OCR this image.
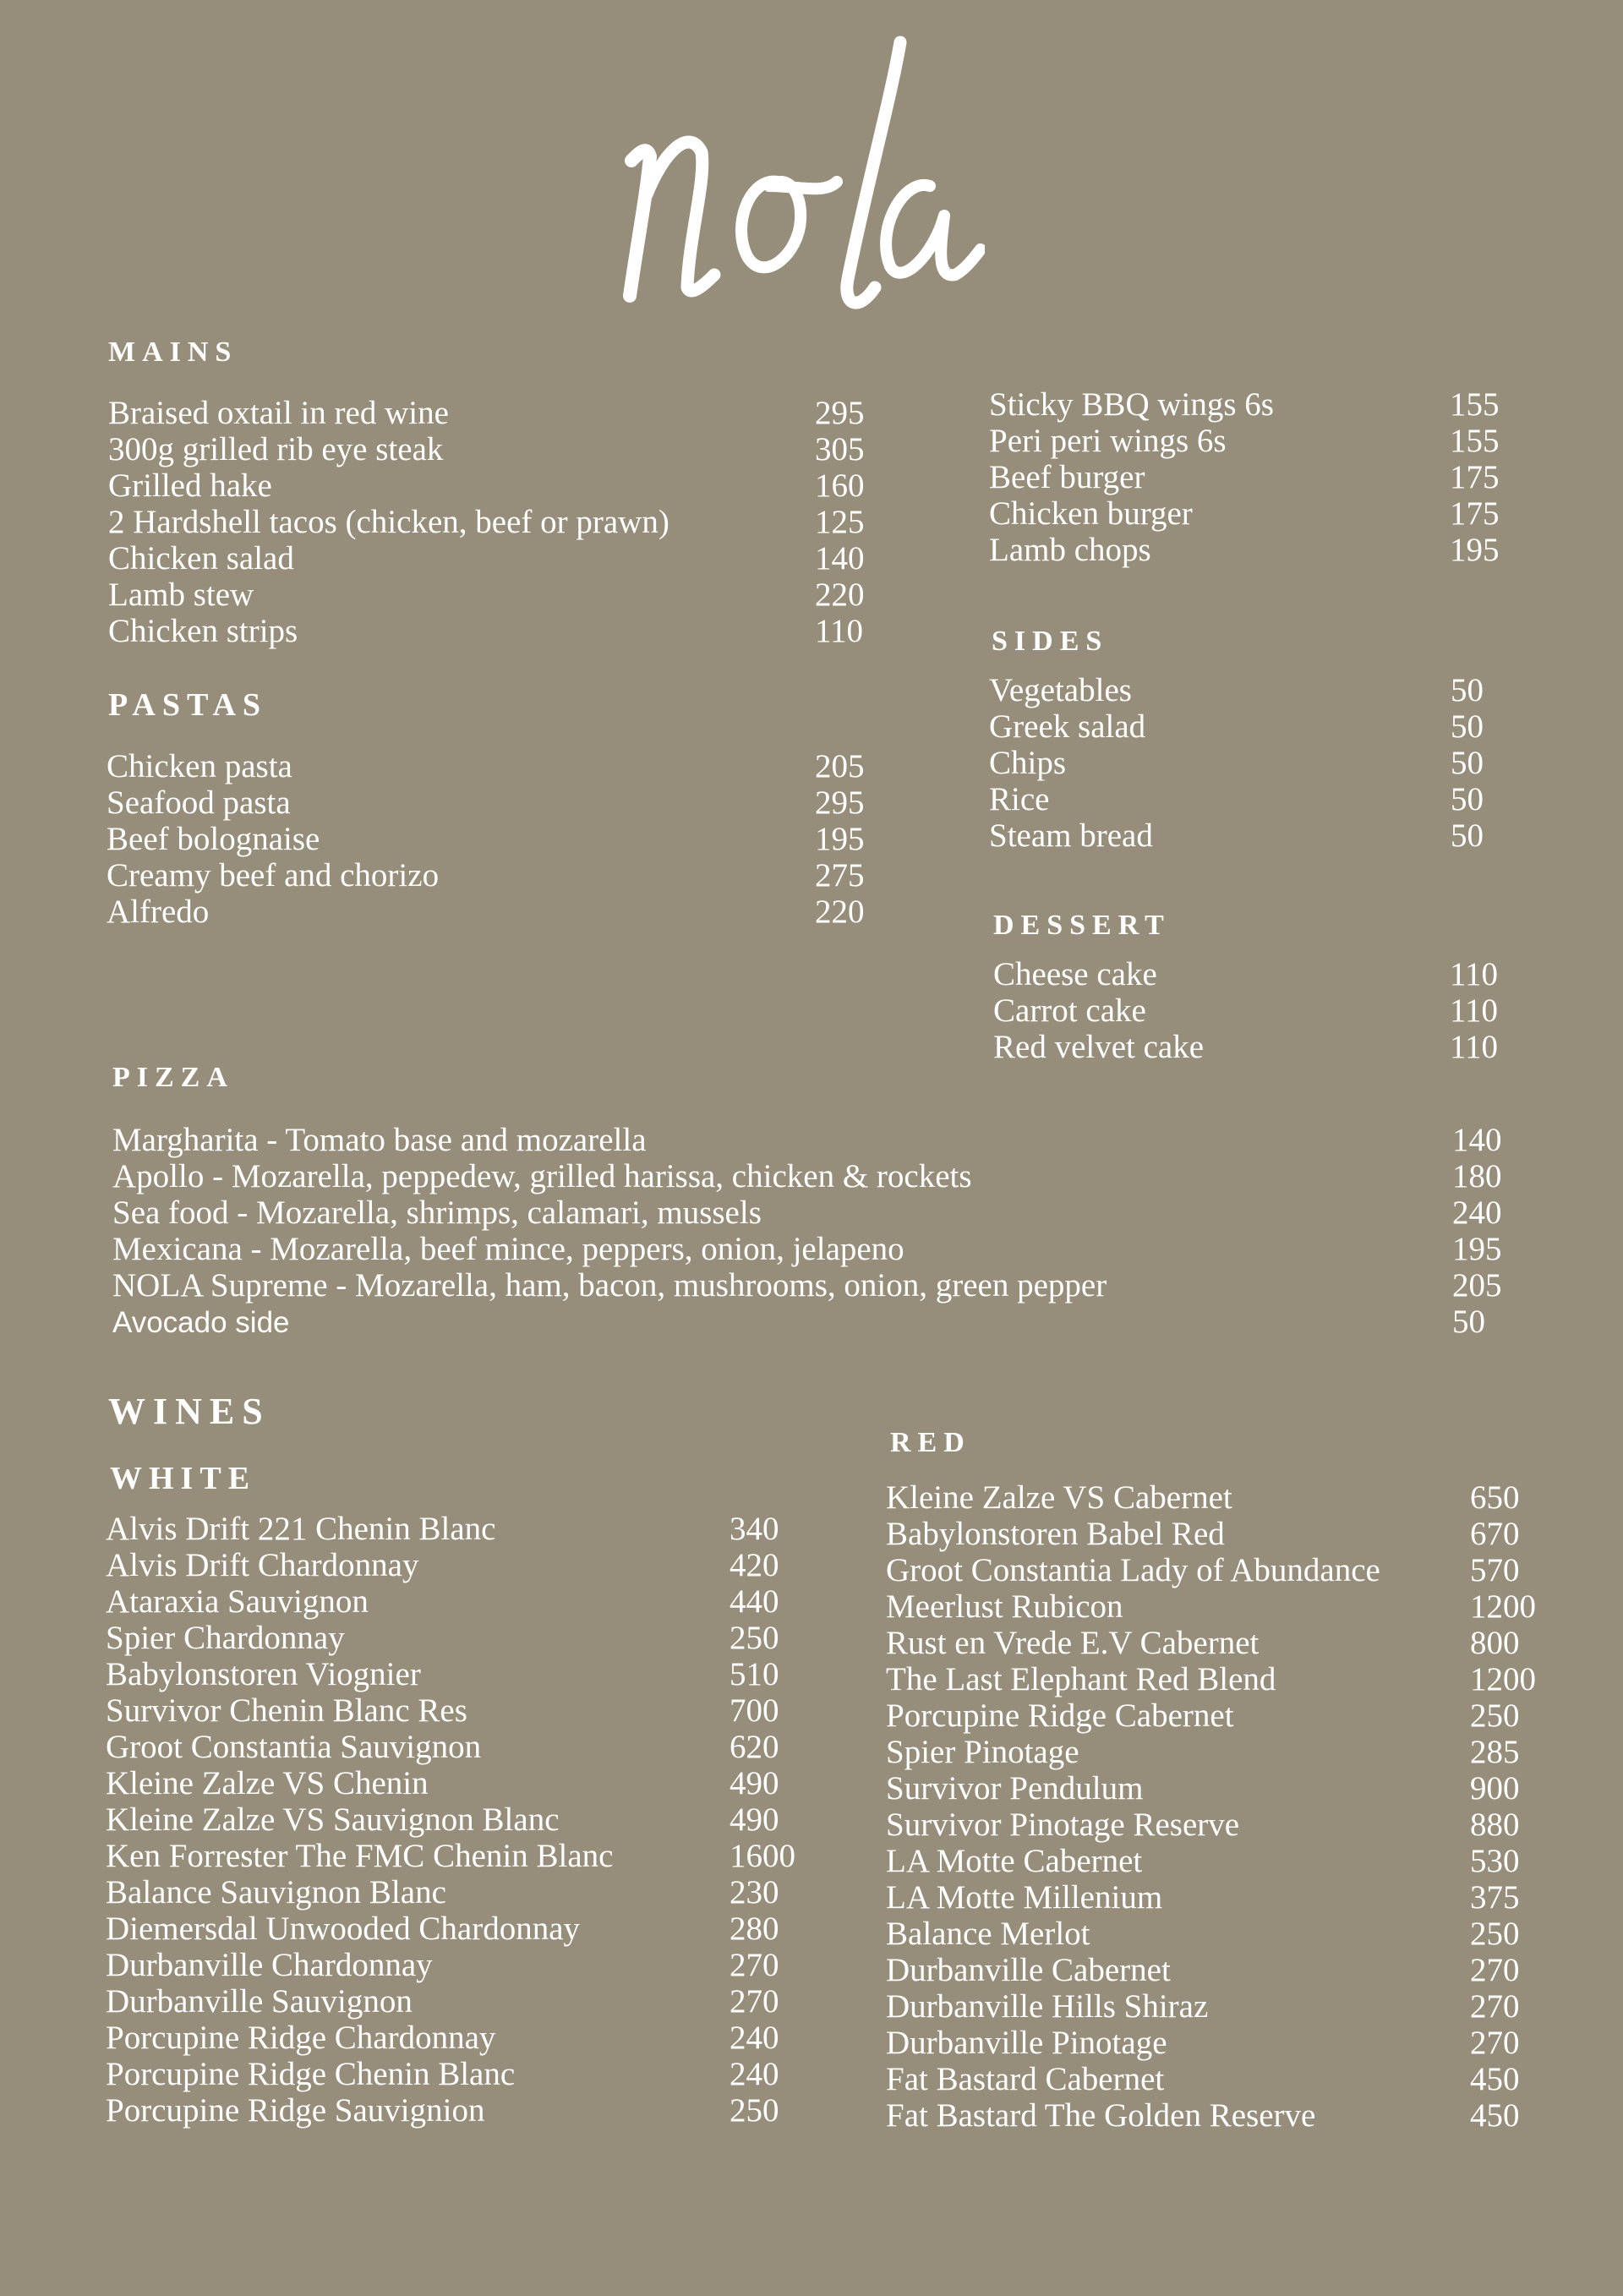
MAINS
Braised oxtail in red wine	295
300g grilled rib eye steak	305
Grilled hake	160
2 Hardshell tacos (chicken, beef or prawn)	125
Chicken salad	140
Lamb stew	220
Chicken strips	110
Sticky BBQ wings 6s	155
Peri peri wings 6s	155
Beef burger	175
Chicken burger	175
Lamb chops	195
PASTAS
Chicken pasta	205
Seafood pasta	295
Beef bolognaise	195
Creamy beef and chorizo	275
Alfredo	220
SIDES
Vegetables	50
Greek salad	50
Chips	50
Rice	50
Steam bread	50
DESSERT
Cheese cake	110
Carrot cake	110
Red velvet cake	110
PIZZA
Margharita - Tomato base and mozarella	140
Apollo - Mozarella, peppedew, grilled harissa, chicken & rockets	180
Sea food - Mozarella, shrimps, calamari, mussels	240
Mexicana - Mozarella, beef mince, peppers, onion, jelapeno	195
NOLA Supreme - Mozarella, ham, bacon, mushrooms, onion, green pepper	205
Avocado side	50
WINES
WHITE
Alvis Drift 221 Chenin Blanc	340
Alvis Drift Chardonnay	420
Ataraxia Sauvignon	440
Spier Chardonnay	250
Babylonstoren Viognier	510
Survivor Chenin Blanc Res	700
Groot Constantia Sauvignon	620
Kleine Zalze VS Chenin	490
Kleine Zalze VS Sauvignon Blanc	490
Ken Forrester The FMC Chenin Blanc	1600
Balance Sauvignon Blanc	230
Diemersdal Unwooded Chardonnay	280
Durbanville Chardonnay	270
Durbanville Sauvignon	270
Porcupine Ridge Chardonnay	240
Porcupine Ridge Chenin Blanc	240
Porcupine Ridge Sauvignion	250
RED
Kleine Zalze VS Cabernet	650
Babylonstoren Babel Red	670
Groot Constantia Lady of Abundance	570
Meerlust Rubicon	1200
Rust en Vrede E.V Cabernet	800
The Last Elephant Red Blend	1200
Porcupine Ridge Cabernet	250
Spier Pinotage	285
Survivor Pendulum	900
Survivor Pinotage Reserve	880
LA Motte Cabernet	530
LA Motte Millenium	375
Balance Merlot	250
Durbanville Cabernet	270
Durbanville Hills Shiraz	270
Durbanville Pinotage	270
Fat Bastard Cabernet	450
Fat Bastard The Golden Reserve	450
